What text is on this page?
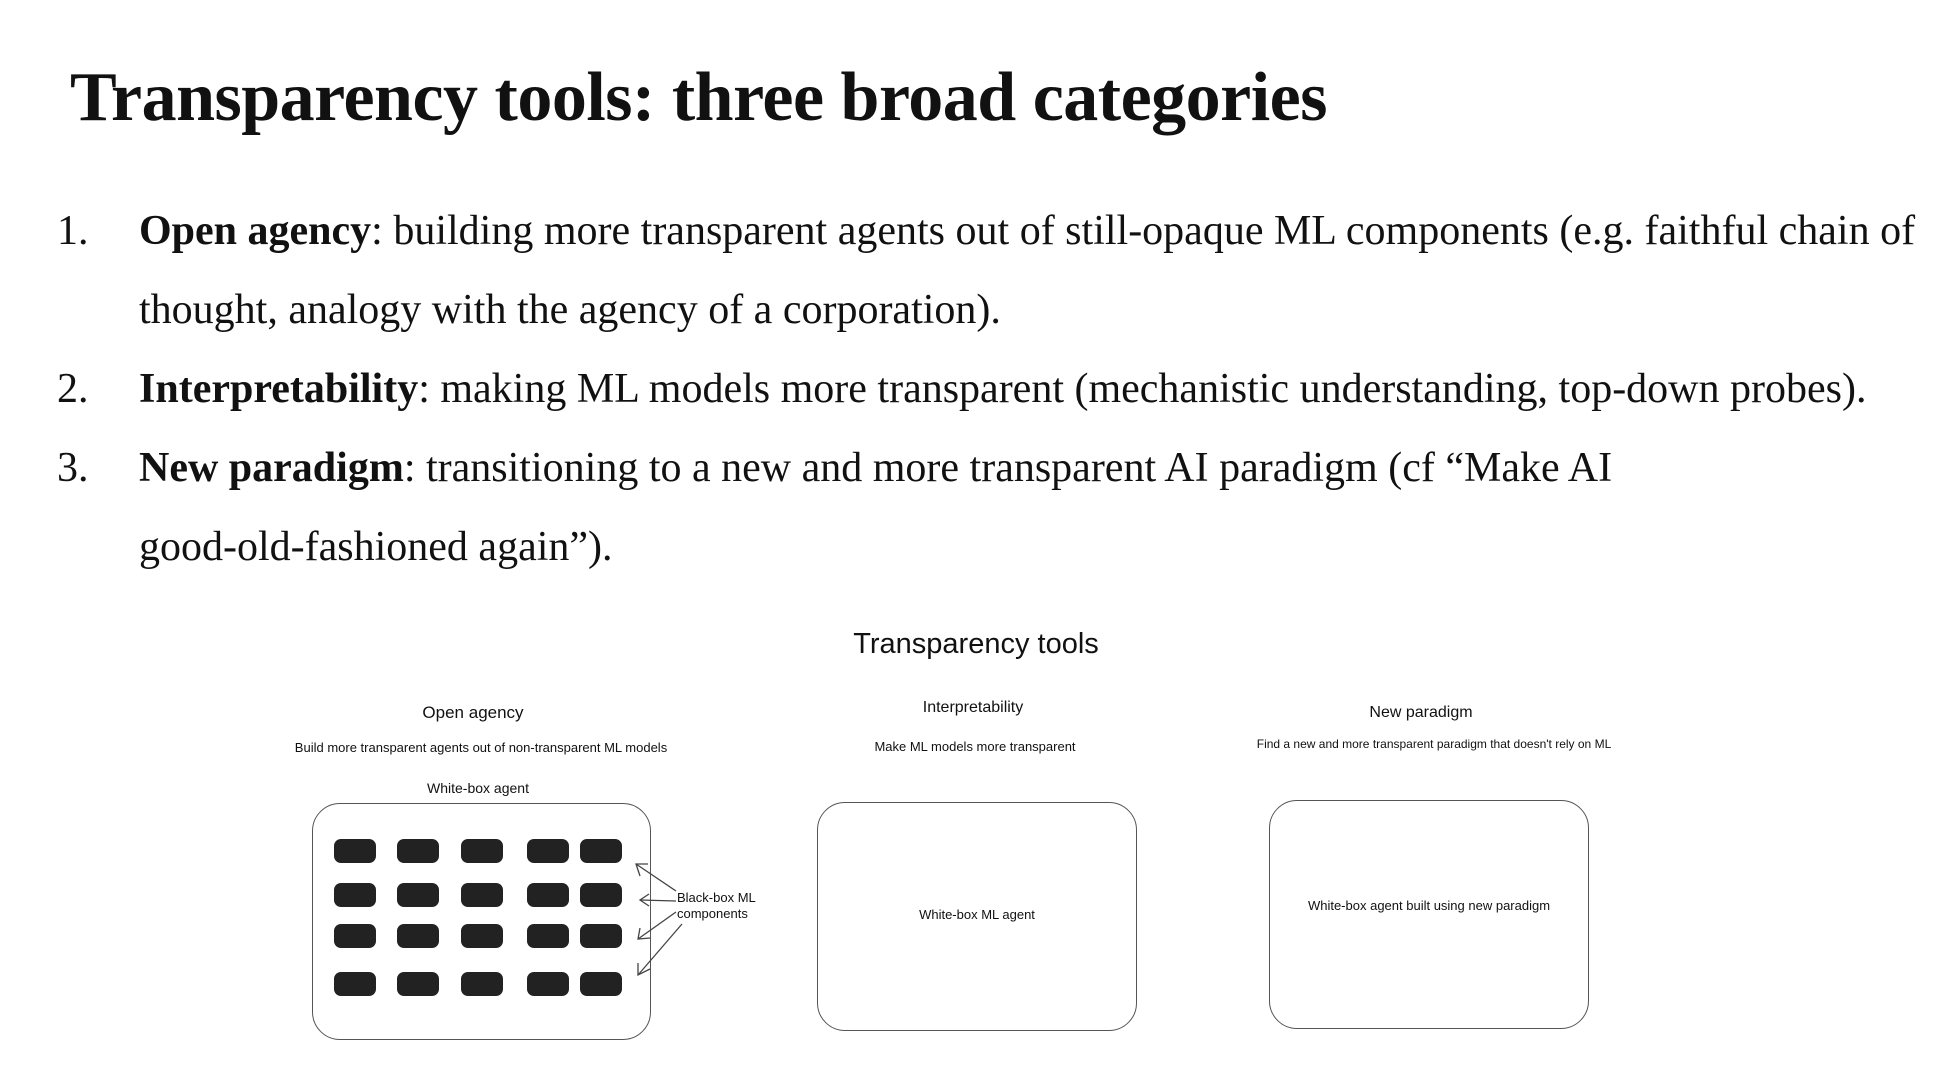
Transparency tools: three broad categories
1. Open agency: building more transparent agents out of still-opaque ML components (e.g. faithful chain of thought, analogy with the agency of a corporation).
2. Interpretability: making ML models more transparent (mechanistic understanding, top-down probes).
3. New paradigm: transitioning to a new and more transparent AI paradigm (cf “Make AI good-old-fashioned again”).
Transparency tools
Open agency
Build more transparent agents out of non-transparent ML models
White-box agent
Black-box ML
components
Interpretability
Make ML models more transparent
White-box ML agent
New paradigm
Find a new and more transparent paradigm that doesn't rely on ML
White-box agent built using new paradigm
